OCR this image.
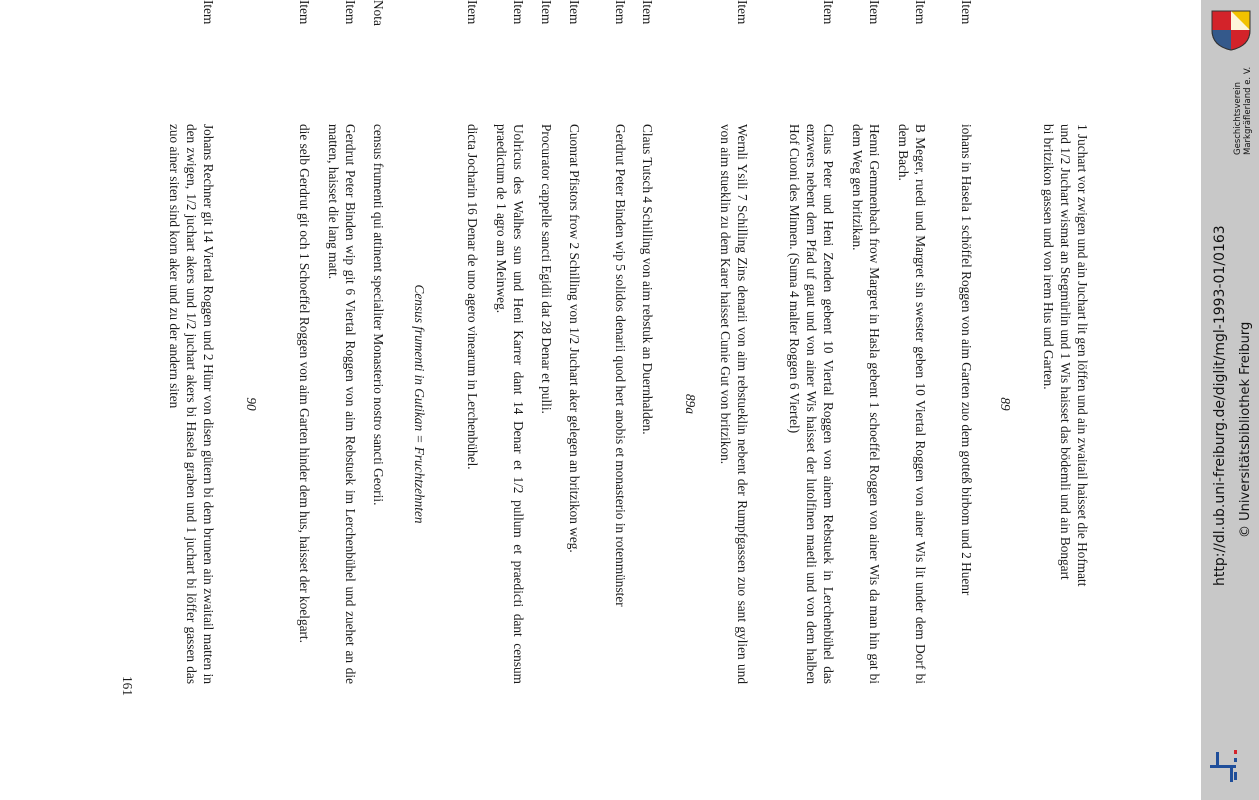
1 Juchart vor zwigen und ain Juchart lit gen löffen und ain zwaitail haisset die Hofmatt
und 1/2 Juchart wismat an Stegmürlin und 1 Wis haisset das bödemli und ain Bongart
bi britzikon gassen und von irem Hus und Garten.
89
Item
iohans in Hasela 1 schöffel Roggen von aim Garten zuo dem gotteß birbom und 2 Huenr
Item
B Meger, ruedi und Margret sin swester geben 10 Viertal Roggen von ainer Wis lit under dem Dorf bi dem Bach.
Item
Henni Gemmenbach frow Margret in Hasla gebent 1 schoeffel Roggen von ainer Wis da man hin gat bi dem Weg gen britzikan.
Item
Claus Peter und Heni Zenden gebent 10 Viertal Roggen von ainem Rebstuek in Lerchenbühel das enzwers nebent dem Pfad uf gaut und von ainer Wis haisset der lutolfinen maetli und von dem halben Hof Cuoni des Minnen. (Suma 4 malter Roggen 6 Viertel)
Item
Wernli Ysili 7 Schilling Zins denarii von aim rebstueklin nebent der Rumpfgassen zuo sant gylien und von aim stueklin zu dem Karer haisset Cunie Gut von britzikon.
89a
Item
Claus Tutsch 4 Schilling von aim rebstuk an Duernhalden.
Item
Gerdrut Peter Binden wip 5 solidos denarii quod hert anobis et monasterio in rotenmünster
Item
Cuonrat Pfistors frow 2 Schilling von 1/2 Juchart aker gelegen an britzikon weg.
Item
Procurator cappelle sancti Egidii dat 28 Denar et pulli.
Item
Uolricus des Walhes sun und Heni Karrer dant 14 Denar et 1/2 pullum et praedicti dant censum praedictum de 1 agro am Meinweg.
Item
dicta Jocharin 16 Denar de uno agero vinearum in Lerchenbühel.
Census frumenti in Gutikan = Fruchtzehnten
Nota
census frumenti qui attinent specialiter Monasterio nostro sancti Georii.
Item
Gerdrut Peter Binden wip git 6 Viertal Roggen von aim Rebstuek im Lerchenbühel und zuehet an die matten, haisset die lang matt.
Item
die selb Gerdrut git och 1 Schoeffel Roggen von aim Garten hinder dem hus, haisset der koelgart.
90
Item
Johans Rechner git 14 Viertal Roggen und 2 Hünr von disen gütern bi dem brunen ain zwaitail matten in den zwigen, 1/2 juchart akers und 1/2 juchart akers bi Hasela graben und 1 juchart bi löffer gassen das zuo ainer siten sind korn aker und zu der andern siten
161
http://dl.ub.uni-freiburg.de/diglit/mgl-1993-01/0163 © Universitätsbibliothek Freiburg
Geschichtsverein Markgräflerland e. V.
